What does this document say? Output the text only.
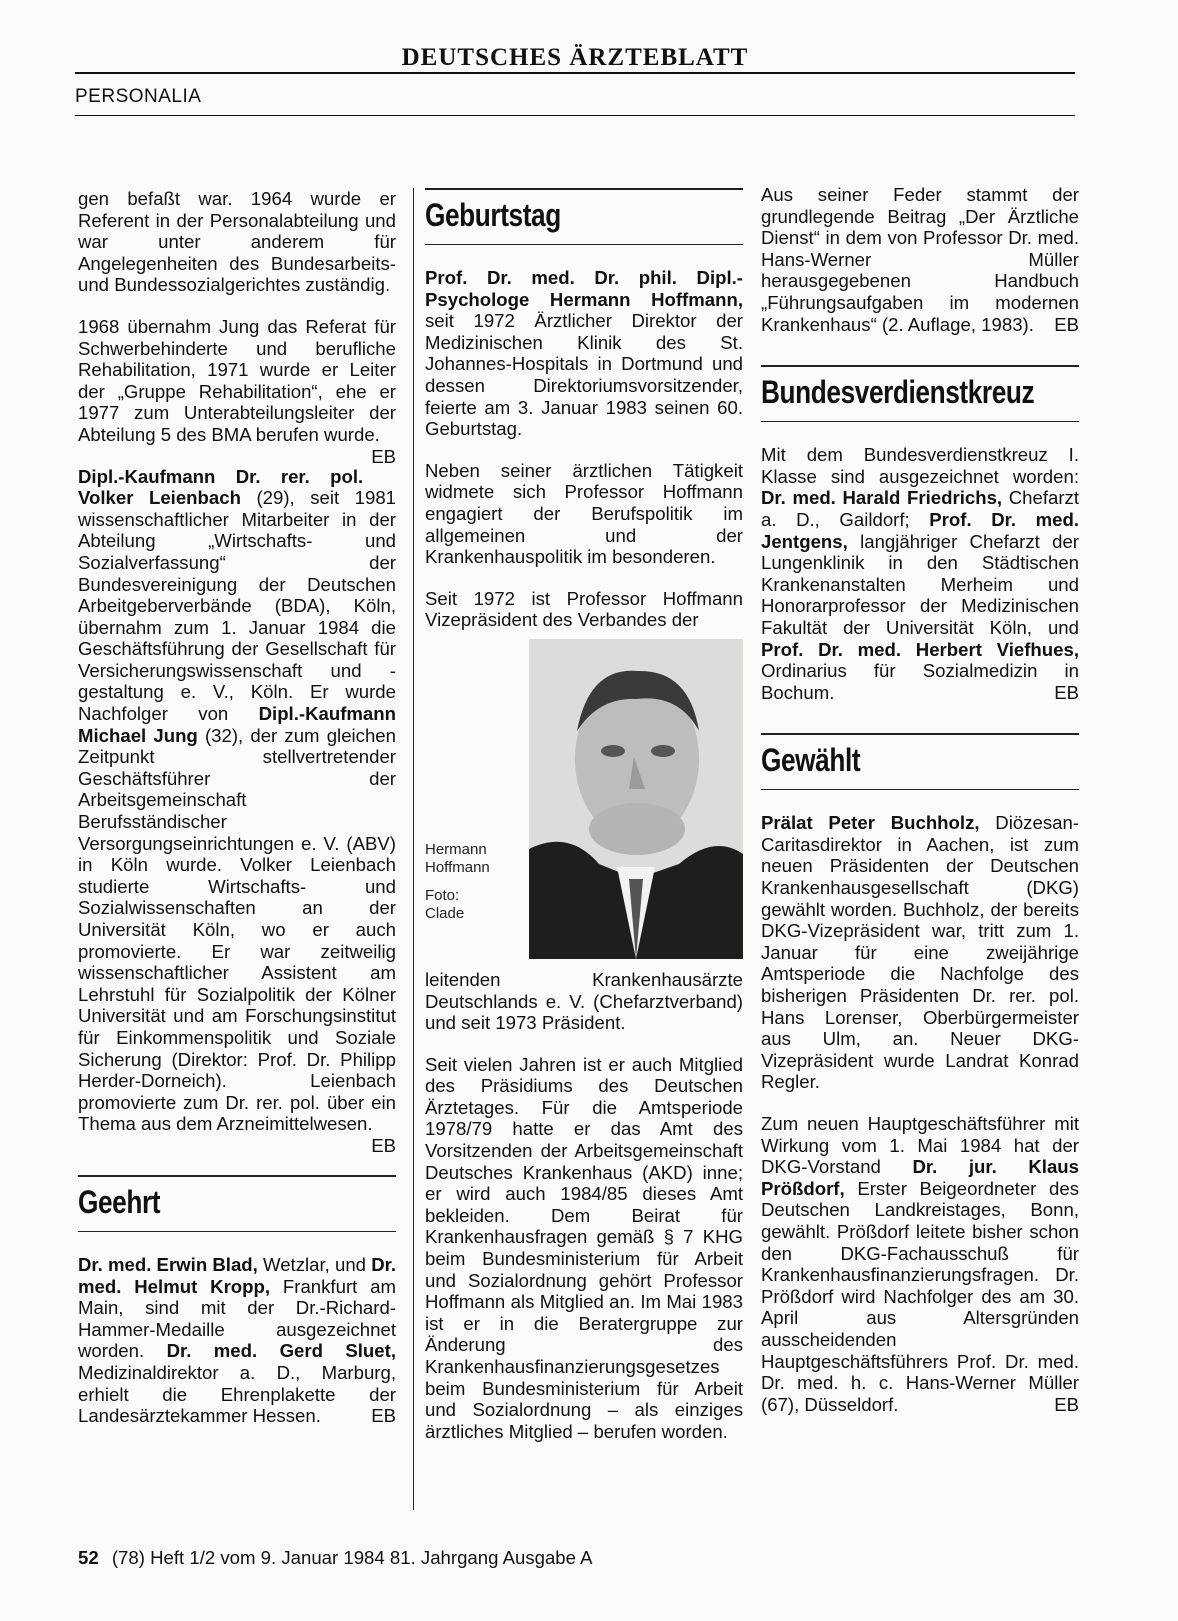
DEUTSCHES ÄRZTEBLATT
PERSONALIA

gen befaßt war. 1964 wurde er Referent in der Personalabteilung und war unter anderem für Angelegenheiten des Bundesarbeits- und Bundessozialgerichtes zuständig.

1968 übernahm Jung das Referat für Schwerbehinderte und berufliche Rehabilitation, 1971 wurde er Leiter der „Gruppe Rehabilitation“, ehe er 1977 zum Unterabteilungsleiter der Abteilung 5 des BMA berufen wurde.
EB

Dipl.-Kaufmann Dr. rer. pol. Volker Leienbach (29), seit 1981 wissenschaftlicher Mitarbeiter in der Abteilung „Wirtschafts- und Sozialverfassung“ der Bundesvereinigung der Deutschen Arbeitgeberverbände (BDA), Köln, übernahm zum 1. Januar 1984 die Geschäftsführung der Gesellschaft für Versicherungswissenschaft und -gestaltung e. V., Köln. Er wurde Nachfolger von Dipl.-Kaufmann Michael Jung (32), der zum gleichen Zeitpunkt stellvertretender Geschäftsführer der Arbeitsgemeinschaft Berufsständischer Versorgungseinrichtungen e. V. (ABV) in Köln wurde. Volker Leienbach studierte Wirtschafts- und Sozialwissenschaften an der Universität Köln, wo er auch promovierte. Er war zeitweilig wissenschaftlicher Assistent am Lehrstuhl für Sozialpolitik der Kölner Universität und am Forschungsinstitut für Einkommenspolitik und Soziale Sicherung (Direktor: Prof. Dr. Philipp Herder-Dorneich). Leienbach promovierte zum Dr. rer. pol. über ein Thema aus dem Arzneimittelwesen.
EB

Geehrt

Dr. med. Erwin Blad, Wetzlar, und Dr. med. Helmut Kropp, Frankfurt am Main, sind mit der Dr.-Richard-Hammer-Medaille ausgezeichnet worden. Dr. med. Gerd Sluet, Medizinaldirektor a. D., Marburg, erhielt die Ehrenplakette der Landesärztekammer Hessen.	EB

Geburtstag

Prof. Dr. med. Dr. phil. Dipl.-Psychologe Hermann Hoffmann, seit 1972 Ärztlicher Direktor der Medizinischen Klinik des St. Johannes-Hospitals in Dortmund und dessen Direktoriumsvorsitzender, feierte am 3. Januar 1983 seinen 60. Geburtstag.

Neben seiner ärztlichen Tätigkeit widmete sich Professor Hoffmann engagiert der Berufspolitik im allgemeinen und der Krankenhauspolitik im besonderen.

Seit 1972 ist Professor Hoffmann Vizepräsident des Verbandes der

Hermann Hoffmann
Foto: Clade

leitenden Krankenhausärzte Deutschlands e. V. (Chefarztverband) und seit 1973 Präsident.

Seit vielen Jahren ist er auch Mitglied des Präsidiums des Deutschen Ärztetages. Für die Amtsperiode 1978/79 hatte er das Amt des Vorsitzenden der Arbeitsgemeinschaft Deutsches Krankenhaus (AKD) inne; er wird auch 1984/85 dieses Amt bekleiden. Dem Beirat für Krankenhausfragen gemäß § 7 KHG beim Bundesministerium für Arbeit und Sozialordnung gehört Professor Hoffmann als Mitglied an. Im Mai 1983 ist er in die Beratergruppe zur Änderung des Krankenhausfinanzierungsgesetzes beim Bundesministerium für Arbeit und Sozialordnung – als einziges ärztliches Mitglied – berufen worden.

Aus seiner Feder stammt der grundlegende Beitrag „Der Ärztliche Dienst“ in dem von Professor Dr. med. Hans-Werner Müller herausgegebenen Handbuch „Führungsaufgaben im modernen Krankenhaus“ (2. Auflage, 1983). EB

Bundesverdienstkreuz

Mit dem Bundesverdienstkreuz I. Klasse sind ausgezeichnet worden: Dr. med. Harald Friedrichs, Chefarzt a. D., Gaildorf; Prof. Dr. med. Jentgens, langjähriger Chefarzt der Lungenklinik in den Städtischen Krankenanstalten Merheim und Honorarprofessor der Medizinischen Fakultät der Universität Köln, und Prof. Dr. med. Herbert Viefhues, Ordinarius für Sozialmedizin in Bochum.	EB

Gewählt

Prälat Peter Buchholz, Diözesan-Caritasdirektor in Aachen, ist zum neuen Präsidenten der Deutschen Krankenhausgesellschaft (DKG) gewählt worden. Buchholz, der bereits DKG-Vizepräsident war, tritt zum 1. Januar für eine zweijährige Amtsperiode die Nachfolge des bisherigen Präsidenten Dr. rer. pol. Hans Lorenser, Oberbürgermeister aus Ulm, an. Neuer DKG-Vizepräsident wurde Landrat Konrad Regler.

Zum neuen Hauptgeschäftsführer mit Wirkung vom 1. Mai 1984 hat der DKG-Vorstand Dr. jur. Klaus Prößdorf, Erster Beigeordneter des Deutschen Landkreistages, Bonn, gewählt. Prößdorf leitete bisher schon den DKG-Fachausschuß für Krankenhausfinanzierungsfragen. Dr. Prößdorf wird Nachfolger des am 30. April aus Altersgründen ausscheidenden Hauptgeschäftsführers Prof. Dr. med. Dr. med. h. c. Hans-Werner Müller (67), Düsseldorf.	EB

52 (78) Heft 1/2 vom 9. Januar 1984 81. Jahrgang Ausgabe A
